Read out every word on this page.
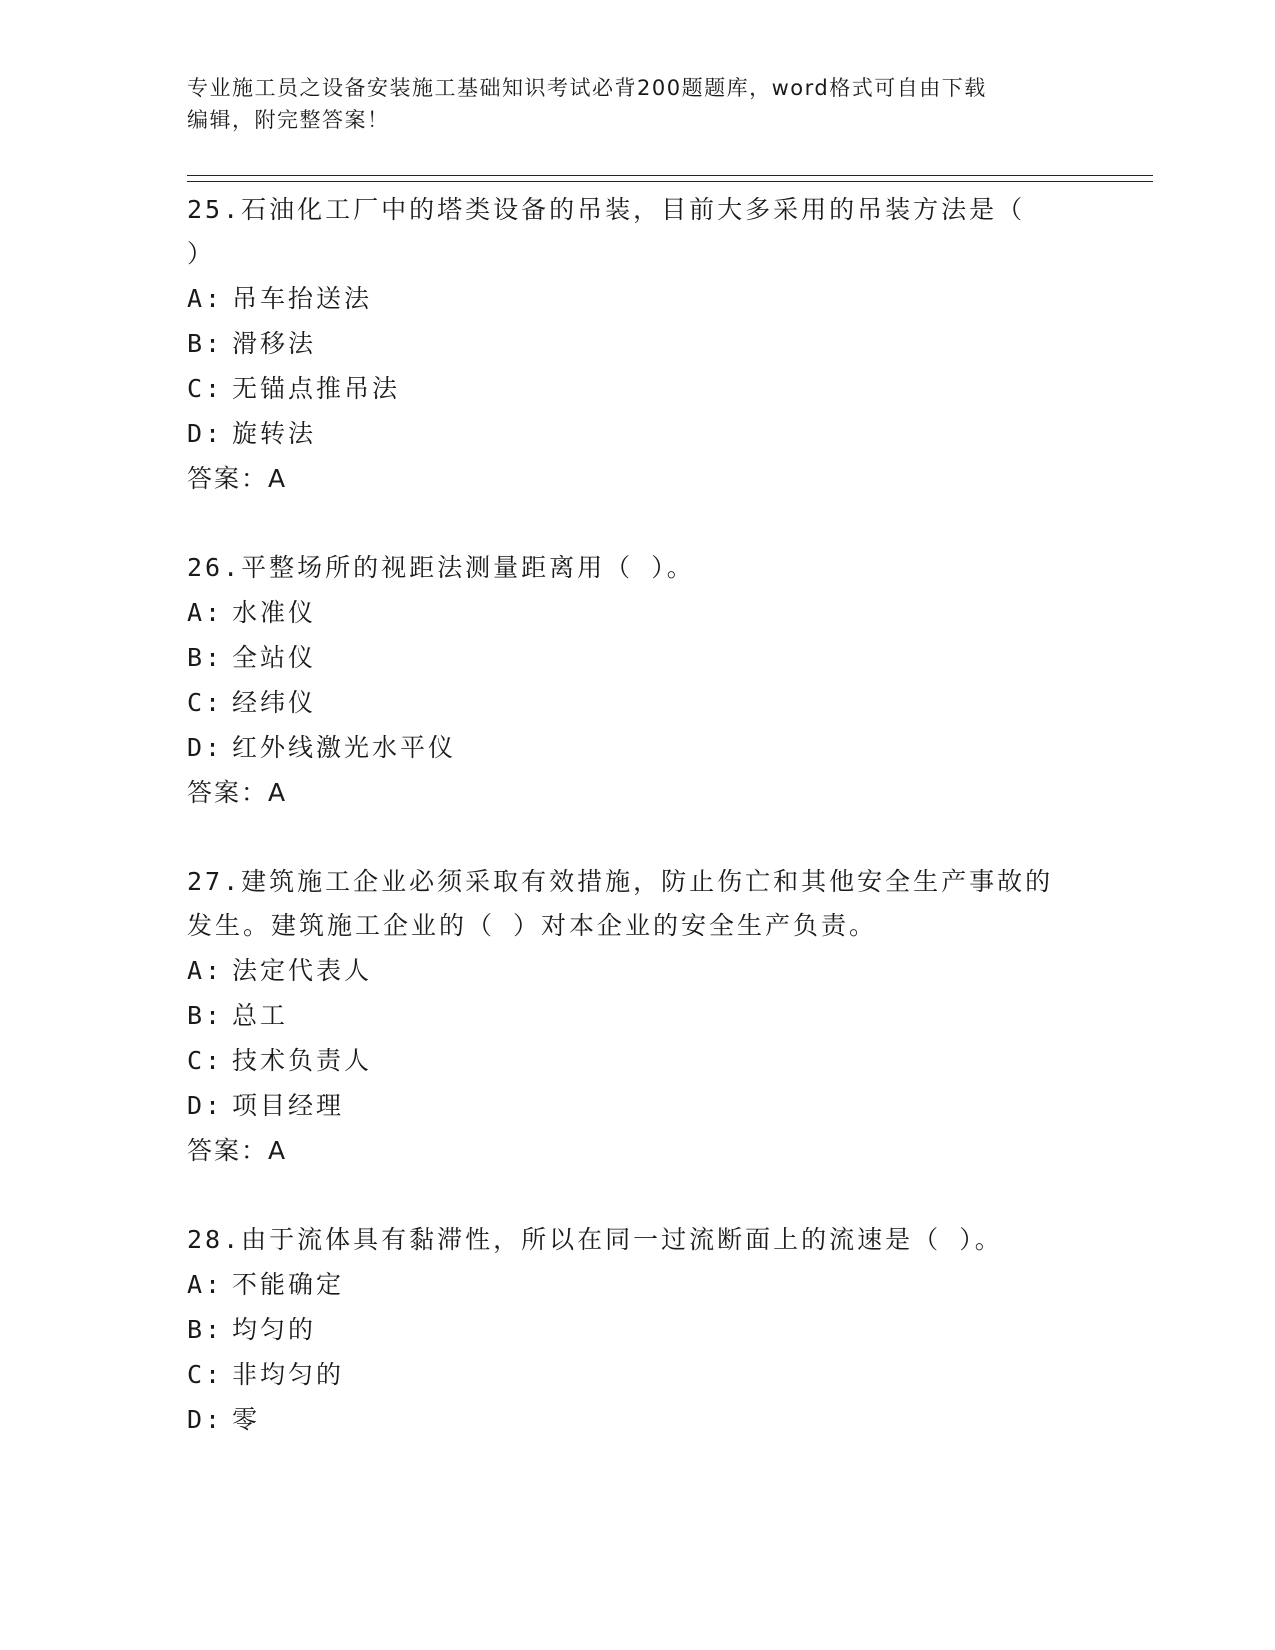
专业施工员之设备安装施工基础知识考试必背200题题库，word格式可自由下载
编辑，附完整答案！

25.石油化工厂中的塔类设备的吊装，目前大多采用的吊装方法是（

）

A: 吊车抬送法

B: 滑移法

C: 无锚点推吊法

D: 旋转法

答案：A

26.平整场所的视距法测量距离用（ ）。

A: 水准仪

B: 全站仪

C: 经纬仪

D: 红外线激光水平仪

答案：A

27.建筑施工企业必须采取有效措施，防止伤亡和其他安全生产事故的

发生。建筑施工企业的（ ）对本企业的安全生产负责。

A: 法定代表人

B: 总工

C: 技术负责人

D: 项目经理

答案：A

28.由于流体具有黏滞性，所以在同一过流断面上的流速是（ ）。

A: 不能确定

B: 均匀的

C: 非均匀的

D: 零
